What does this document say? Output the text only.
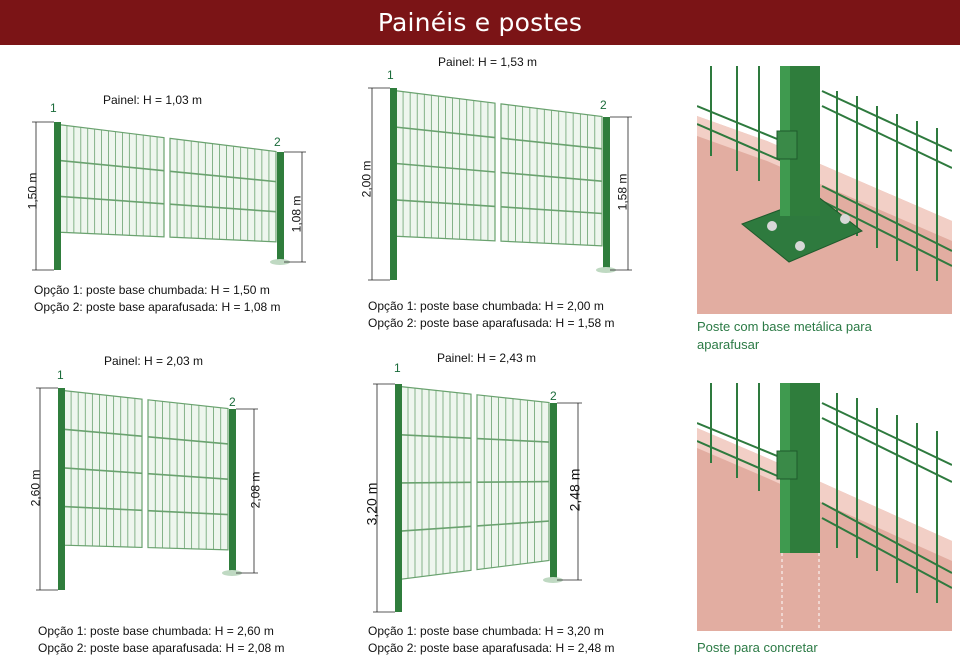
Painéis e postes
Painel: H = 1,03 m
1
2
1,50 m
1,08 m
Opção 1: poste base chumbada: H = 1,50 m
Opção 2: poste base aparafusada: H = 1,08 m
Painel: H = 1,53 m
1
2
2,00 m	1,58 m
Opção 1: poste base chumbada: H = 2,00 m
Opção 2: poste base aparafusada: H = 1,58 m
Painel: H = 2,03 m
1
2
2,60 m	2,08 m
Opção 1: poste base chumbada: H = 2,60 m
Opção 2: poste base aparafusada: H = 2,08 m
Painel: H = 2,43 m
1
2
3,20 m	2,48 m
Opção 1: poste base chumbada: H = 3,20 m
Opção 2: poste base aparafusada: H = 2,48 m
Poste com base metálica para aparafusar
Poste para concretar
